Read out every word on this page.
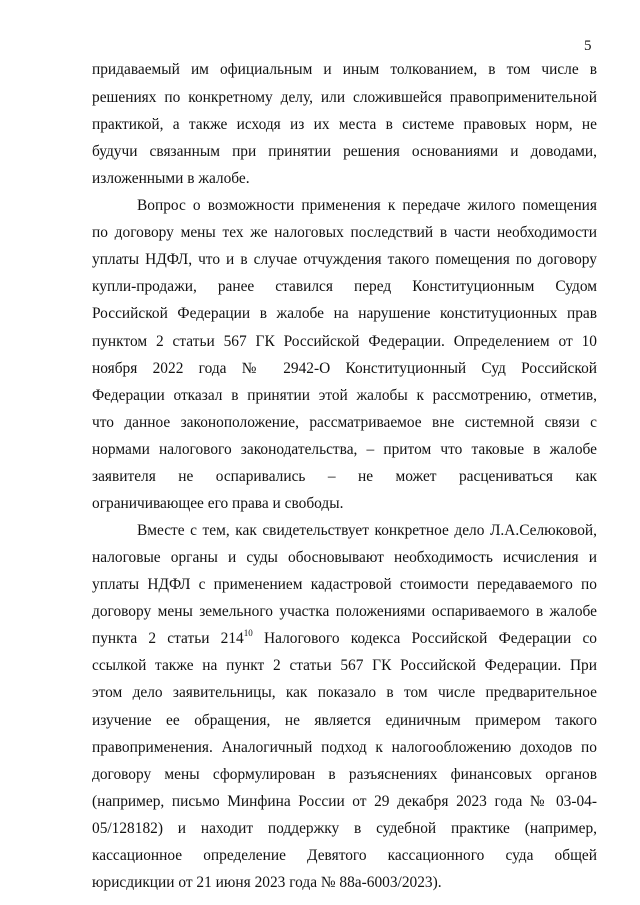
5
придаваемый им официальным и иным толкованием, в том числе в
решениях по конкретному делу, или сложившейся правоприменительной
практикой, а также исходя из их места в системе правовых норм, не
будучи связанным при принятии решения основаниями и доводами,
изложенными в жалобе.
Вопрос о возможности применения к передаче жилого помещения
по договору мены тех же налоговых последствий в части необходимости
уплаты НДФЛ, что и в случае отчуждения такого помещения по договору
купли-продажи, ранее ставился перед Конституционным Судом
Российской Федерации в жалобе на нарушение конституционных прав
пунктом 2 статьи 567 ГК Российской Федерации. Определением от 10
ноября 2022 года № 2942-О Конституционный Суд Российской
Федерации отказал в принятии этой жалобы к рассмотрению, отметив,
что данное законоположение, рассматриваемое вне системной связи с
нормами налогового законодательства, – притом что таковые в жалобе
заявителя не оспаривались – не может расцениваться как
ограничивающее его права и свободы.
Вместе с тем, как свидетельствует конкретное дело Л.А.Селюковой,
налоговые органы и суды обосновывают необходимость исчисления и
уплаты НДФЛ с применением кадастровой стоимости передаваемого по
договору мены земельного участка положениями оспариваемого в жалобе
пункта 2 статьи $214^{10}$ Налогового кодекса Российской Федерации со
ссылкой также на пункт 2 статьи 567 ГК Российской Федерации. При
этом дело заявительницы, как показало в том числе предварительное
изучение ее обращения, не является единичным примером такого
правоприменения. Аналогичный подход к налогообложению доходов по
договору мены сформулирован в разъяснениях финансовых органов
(например, письмо Минфина России от 29 декабря 2023 года № 03-04-
05/128182) и находит поддержку в судебной практике (например,
кассационное определение Девятого кассационного суда общей
юрисдикции от 21 июня 2023 года № 88а-6003/2023).
